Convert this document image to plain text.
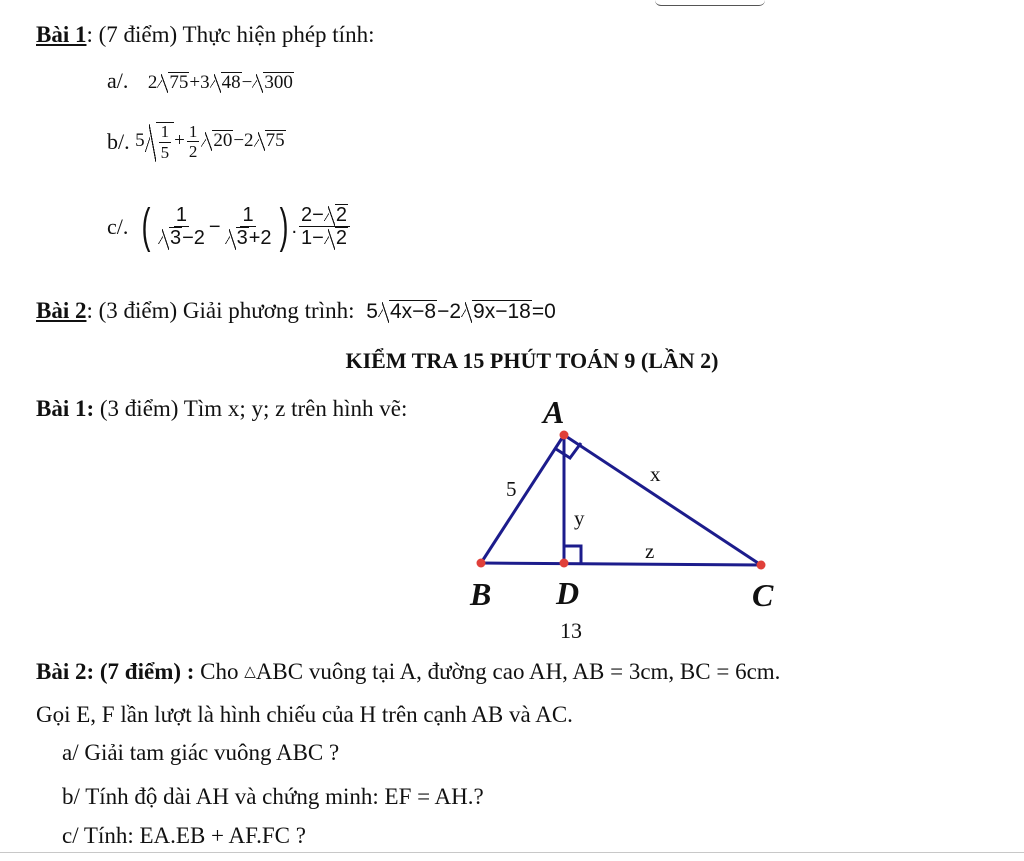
Bài 1: (7 điểm) Thực hiện phép tính:
a/. 2 75+3 48− 300
b/. $5 \frac{1}{5} + \frac{1}{2} 20-2$ 75
c/. ( $\frac{1}{3-2} - \frac{1}{3+2}$ ) . $\frac{2- 2}{1- 2}$
Bài 2: (3 điểm) Giải phương trình: 5 4x−8−2 9x−18=0
KIỂM TRA 15 PHÚT TOÁN 9 (LẦN 2)
Bài 1: (3 điểm) Tìm x; y; z trên hình vẽ:	A
B D	C
5
x
y
z
13
Bài 2: (7 điểm) : Cho △ABC vuông tại A, đường cao AH, AB = 3cm, BC = 6cm.
Gọi E, F lần lượt là hình chiếu của H trên cạnh AB và AC.
a/ Giải tam giác vuông ABC ?
b/ Tính độ dài AH và chứng minh: EF = AH.?
c/ Tính: EA.EB + AF.FC ?
